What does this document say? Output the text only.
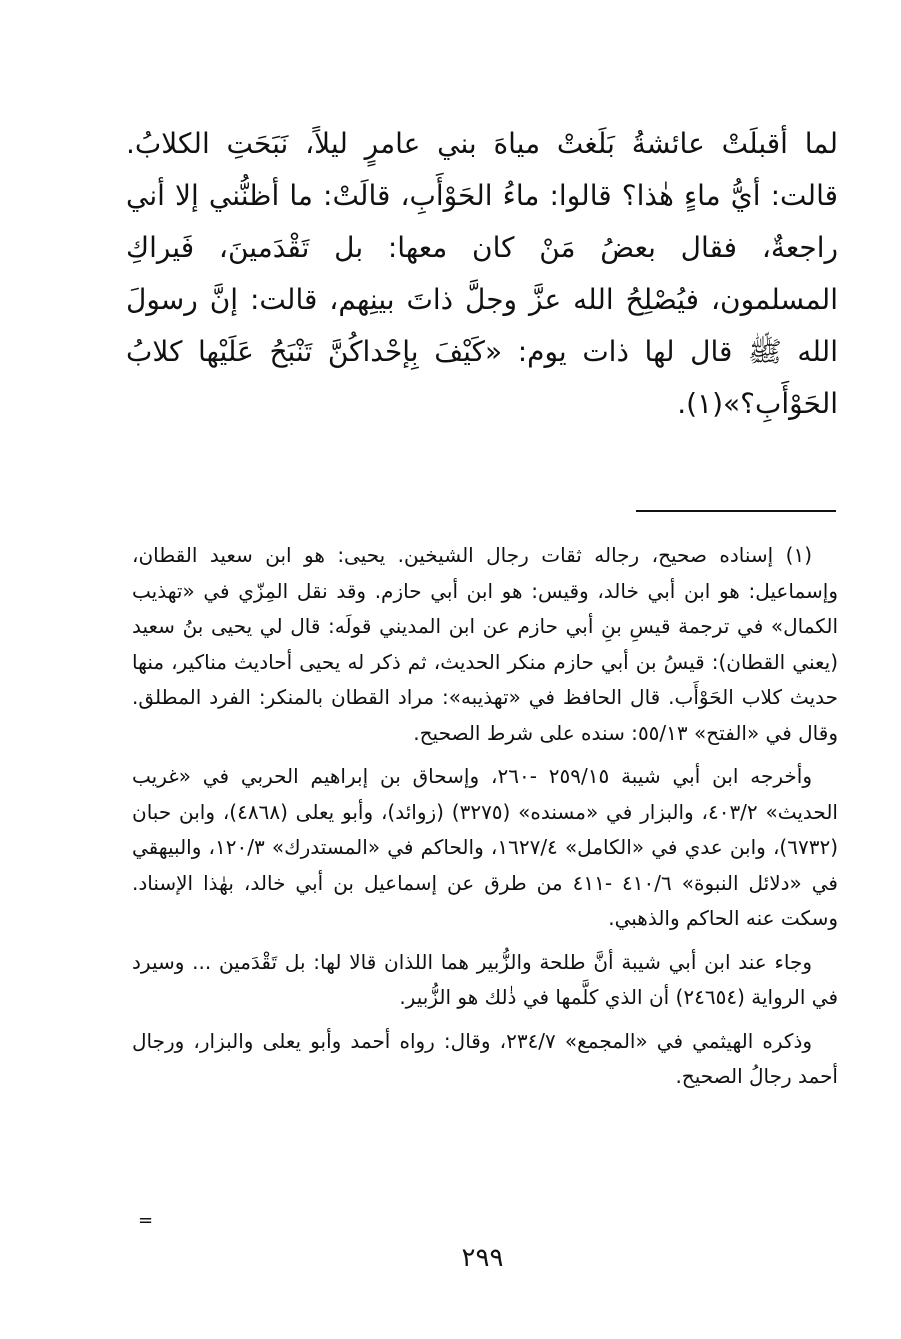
لما أقبلَتْ عائشةُ بَلَغتْ مياهَ بني عامرٍ ليلاً، نَبَحَتِ الكلابُ. قالت: أيُّ ماءٍ هٰذا؟ قالوا: ماءُ الحَوْأَبِ، قالَتْ: ما أظنُّني إلا أني راجعةٌ، فقال بعضُ مَنْ كان معها: بل تَقْدَمينَ، فَيراكِ المسلمون، فيُصْلِحُ الله عزَّ وجلَّ ذاتَ بينِهم، قالت: إنَّ رسولَ الله ﷺ قال لها ذات يوم: «كَيْفَ بِإحْداكُنَّ تَنْبَحُ عَلَيْها كلابُ الحَوْأَبِ؟»(١).

(١) إسناده صحيح، رجاله ثقات رجال الشيخين. يحيى: هو ابن سعيد القطان، وإسماعيل: هو ابن أبي خالد، وقيس: هو ابن أبي حازم. وقد نقل المِزّي في «تهذيب الكمال» في ترجمة قيسِ بنِ أبي حازم عن ابن المديني قولَه: قال لي يحيى بنُ سعيد (يعني القطان): قيسُ بن أبي حازم منكر الحديث، ثم ذكر له يحيى أحاديث مناكير، منها حديث كلاب الحَوْأَب. قال الحافظ في «تهذيبه»: مراد القطان بالمنكر: الفرد المطلق. وقال في «الفتح» ٥٥/١٣: سنده على شرط الصحيح.

وأخرجه ابن أبي شيبة ٢٥٩/١٥ -٢٦٠، وإسحاق بن إبراهيم الحربي في «غريب الحديث» ٤٠٣/٢، والبزار في «مسنده» (٣٢٧٥) (زوائد)، وأبو يعلى (٤٨٦٨)، وابن حبان (٦٧٣٢)، وابن عدي في «الكامل» ١٦٢٧/٤، والحاكم في «المستدرك» ١٢٠/٣، والبيهقي في «دلائل النبوة» ٤١٠/٦ -٤١١ من طرق عن إسماعيل بن أبي خالد، بهٰذا الإسناد. وسكت عنه الحاكم والذهبي.

وجاء عند ابن أبي شيبة أنَّ طلحة والزُّبير هما اللذان قالا لها: بل تَقْدَمين ... وسيرد في الرواية (٢٤٦٥٤) أن الذي كلَّمها في ذٰلك هو الزُّبير.

وذكره الهيثمي في «المجمع» ٢٣٤/٧، وقال: رواه أحمد وأبو يعلى والبزار، ورجال أحمد رجالُ الصحيح.

=
٢٩٩
